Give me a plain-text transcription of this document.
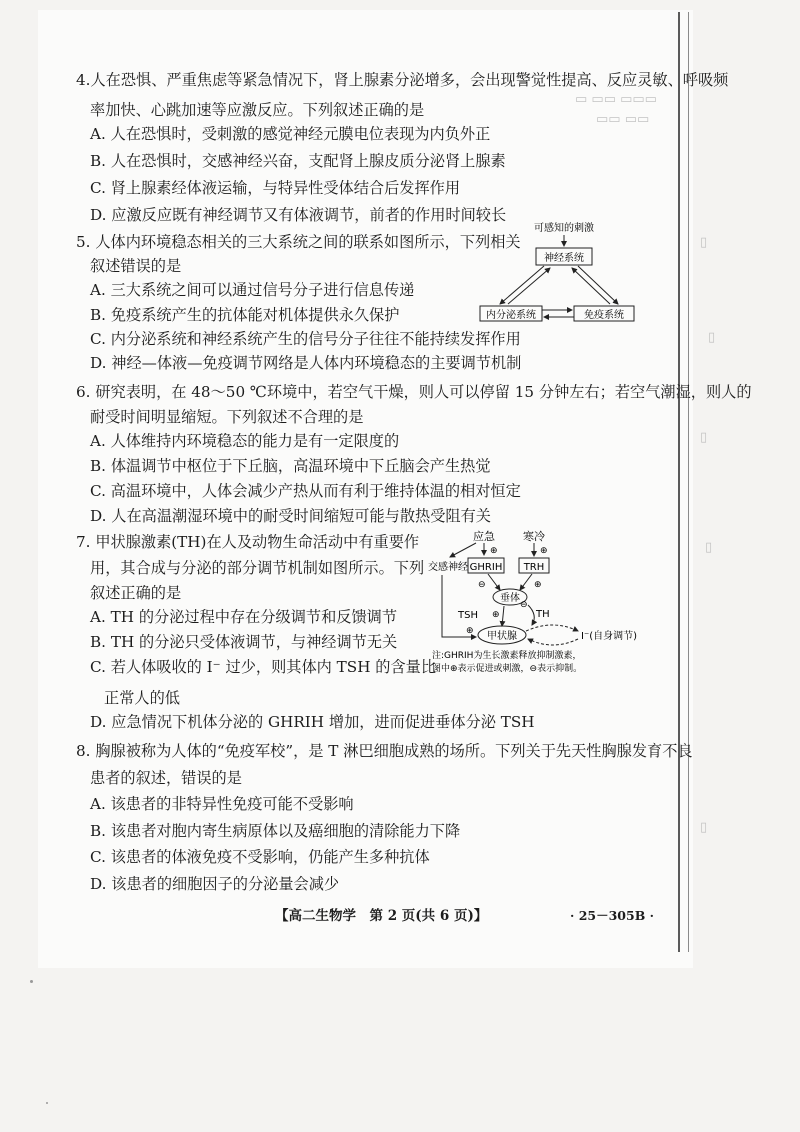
▭ ▭▭ ▭▭▭
▭▭ ▭▭
▯
▯
▯
▯
▯
4.人在恐惧、严重焦虑等紧急情况下，肾上腺素分泌增多，会出现警觉性提高、反应灵敏、呼吸频
率加快、心跳加速等应激反应。下列叙述正确的是
A. 人在恐惧时，受刺激的感觉神经元膜电位表现为内负外正
B. 人在恐惧时，交感神经兴奋，支配肾上腺皮质分泌肾上腺素
C. 肾上腺素经体液运输，与特异性受体结合后发挥作用
D. 应激反应既有神经调节又有体液调节，前者的作用时间较长
5. 人体内环境稳态相关的三大系统之间的联系如图所示，下列相关
叙述错误的是
A. 三大系统之间可以通过信号分子进行信息传递
B. 免疫系统产生的抗体能对机体提供永久保护
C. 内分泌系统和神经系统产生的信号分子往往不能持续发挥作用
D. 神经—体液—免疫调节网络是人体内环境稳态的主要调节机制
可感知的刺激
神经系统
内分泌系统	免疫系统
6. 研究表明，在 48～50 ℃环境中，若空气干燥，则人可以停留 15 分钟左右；若空气潮湿，则人的
耐受时间明显缩短。下列叙述不合理的是
A. 人体维持内环境稳态的能力是有一定限度的
B. 体温调节中枢位于下丘脑，高温环境中下丘脑会产生热觉
C. 高温环境中，人体会减少产热从而有利于维持体温的相对恒定
D. 人在高温潮湿环境中的耐受时间缩短可能与散热受阻有关
7. 甲状腺激素(TH)在人及动物生命活动中有重要作
用，其合成与分泌的部分调节机制如图所示。下列
叙述正确的是
A. TH 的分泌过程中存在分级调节和反馈调节
B. TH 的分泌只受体液调节，与神经调节无关
C. 若人体吸收的 I⁻ 过少，则其体内 TSH 的含量比
正常人的低
D. 应急情况下机体分泌的 GHRIH 增加，进而促进垂体分泌 TSH
应急	寒冷
⊕	⊕
交感神经 GHRIH TRH
⊖	⊕
垂体
TH
⊖
TSH ⊕
⊕ 甲状腺	I⁻(自身调节)
注:GHRIH为生长激素释放抑制激素，
图中⊕表示促进或刺激，⊖表示抑制。
8. 胸腺被称为人体的“免疫军校”，是 T 淋巴细胞成熟的场所。下列关于先天性胸腺发育不良
患者的叙述，错误的是
A. 该患者的非特异性免疫可能不受影响
B. 该患者对胞内寄生病原体以及癌细胞的清除能力下降
C. 该患者的体液免疫不受影响，仍能产生多种抗体
D. 该患者的细胞因子的分泌量会减少
【高二生物学　第 2 页(共 6 页)】	· 25－305B ·
